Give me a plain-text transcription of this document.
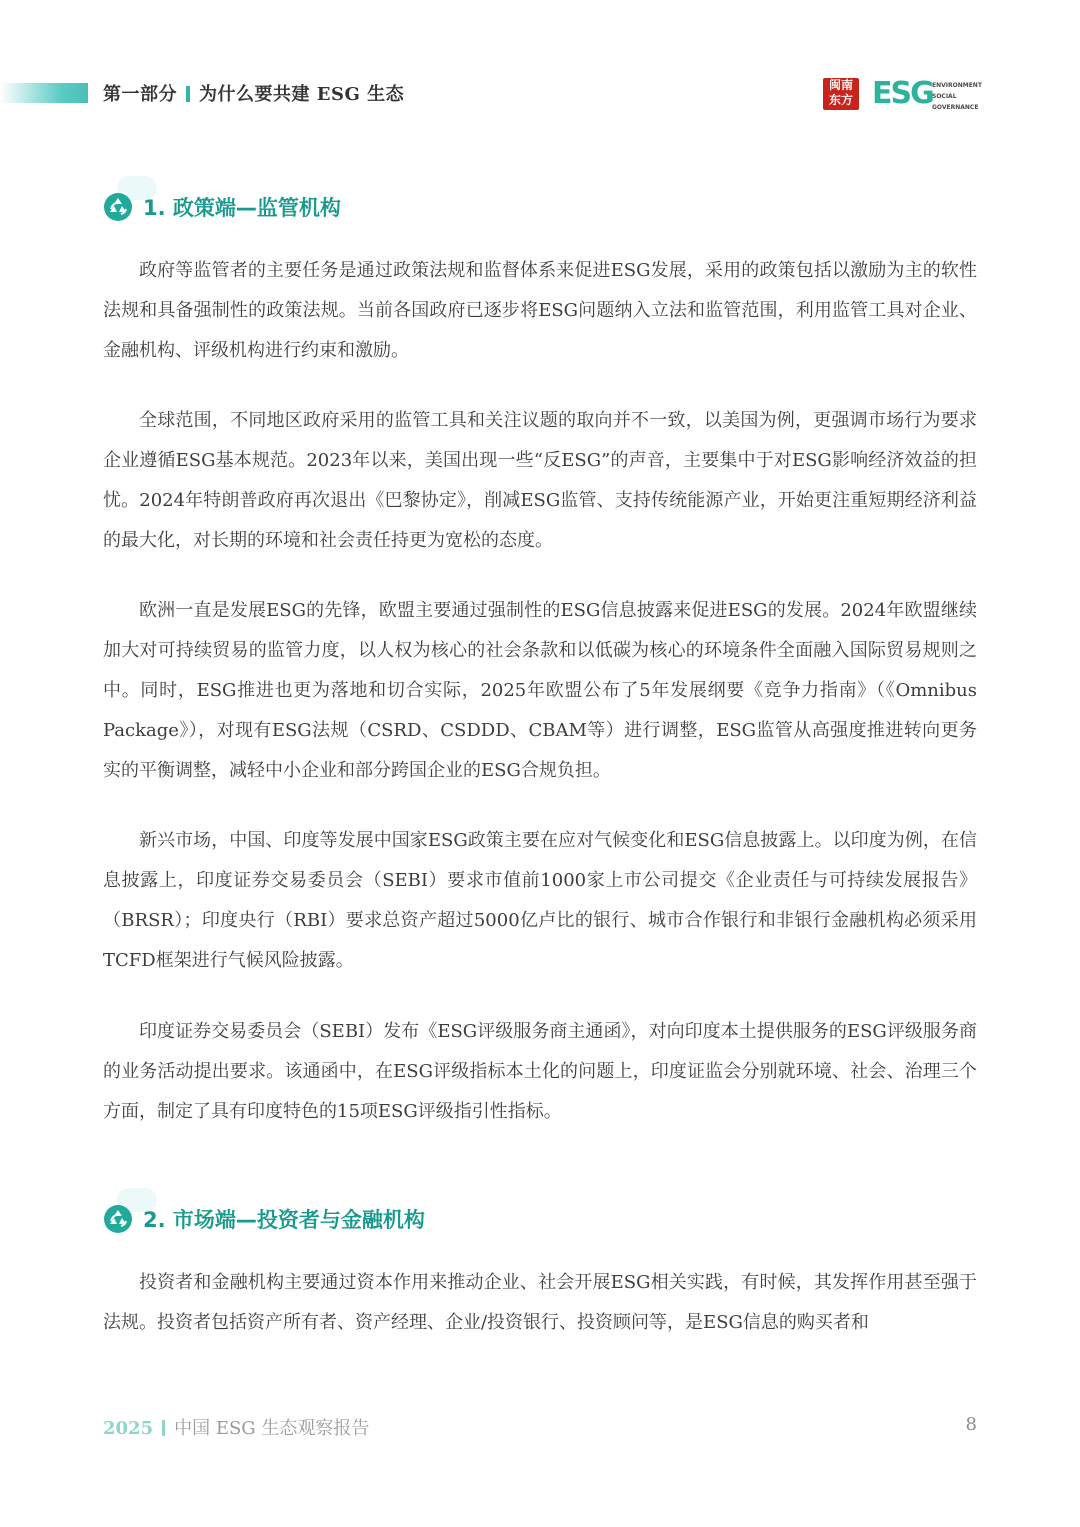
第一部分 为什么要共建 ESG 生态	闽南
东方 ESG ENVIRONMENT
SOCIAL
GOVERNANCE
1. 政策端—监管机构

政府等监管者的主要任务是通过政策法规和监督体系来促进ESG发展，采用的政策包括以激励为主的软性法规和具备强制性的政策法规。当前各国政府已逐步将ESG问题纳入立法和监管范围，利用监管工具对企业、金融机构、评级机构进行约束和激励。

全球范围，不同地区政府采用的监管工具和关注议题的取向并不一致，以美国为例，更强调市场行为要求企业遵循ESG基本规范。2023年以来，美国出现一些“反ESG”的声音，主要集中于对ESG影响经济效益的担忧。2024年特朗普政府再次退出《巴黎协定》，削减ESG监管、支持传统能源产业，开始更注重短期经济利益的最大化，对长期的环境和社会责任持更为宽松的态度。

欧洲一直是发展ESG的先锋，欧盟主要通过强制性的ESG信息披露来促进ESG的发展。2024年欧盟继续加大对可持续贸易的监管力度，以人权为核心的社会条款和以低碳为核心的环境条件全面融入国际贸易规则之中。同时，ESG推进也更为落地和切合实际，2025年欧盟公布了5年发展纲要《竞争力指南》（《Omnibus Package》），对现有ESG法规（CSRD、CSDDD、CBAM等）进行调整，ESG监管从高强度推进转向更务实的平衡调整，减轻中小企业和部分跨国企业的ESG合规负担。

新兴市场，中国、印度等发展中国家ESG政策主要在应对气候变化和ESG信息披露上。以印度为例，在信息披露上，印度证券交易委员会（SEBI）要求市值前1000家上市公司提交《企业责任与可持续发展报告》（BRSR）；印度央行（RBI）要求总资产超过5000亿卢比的银行、城市合作银行和非银行金融机构必须采用TCFD框架进行气候风险披露。

印度证券交易委员会（SEBI）发布《ESG评级服务商主通函》，对向印度本土提供服务的ESG评级服务商的业务活动提出要求。该通函中，在ESG评级指标本土化的问题上，印度证监会分别就环境、社会、治理三个方面，制定了具有印度特色的15项ESG评级指引性指标。

2. 市场端—投资者与金融机构

投资者和金融机构主要通过资本作用来推动企业、社会开展ESG相关实践，有时候，其发挥作用甚至强于法规。投资者包括资产所有者、资产经理、企业/投资银行、投资顾问等，是ESG信息的购买者和

2025 中国 ESG 生态观察报告	8
